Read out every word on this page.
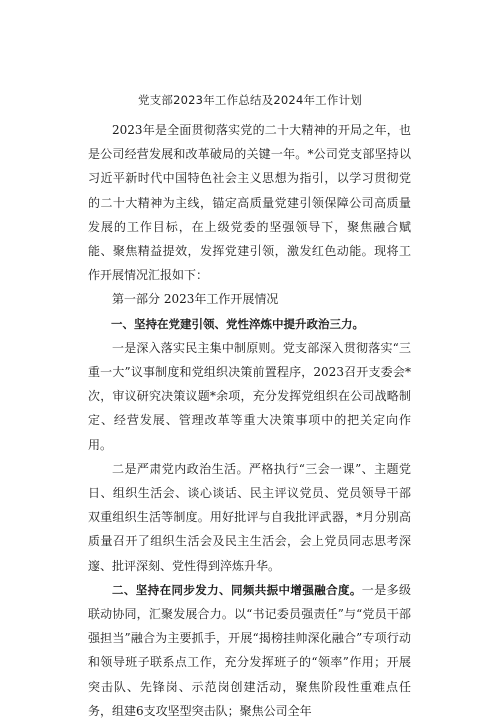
党支部2023年工作总结及2024年工作计划

2023年是全面贯彻落实党的二十大精神的开局之年，也是公司经营发展和改革破局的关键一年。*公司党支部坚持以习近平新时代中国特色社会主义思想为指引，以学习贯彻党的二十大精神为主线，锚定高质量党建引领保障公司高质量发展的工作目标，在上级党委的坚强领导下，聚焦融合赋能、聚焦精益提效，发挥党建引领，激发红色动能。现将工作开展情况汇报如下：

第一部分 2023年工作开展情况

一、坚持在党建引领、党性淬炼中提升政治三力。

一是深入落实民主集中制原则。党支部深入贯彻落实“三重一大”议事制度和党组织决策前置程序，2023召开支委会*次，审议研究决策议题*余项，充分发挥党组织在公司战略制定、经营发展、管理改革等重大决策事项中的把关定向作用。

二是严肃党内政治生活。严格执行“三会一课”、主题党日、组织生活会、谈心谈话、民主评议党员、党员领导干部双重组织生活等制度。用好批评与自我批评武器，*月分别高质量召开了组织生活会及民主生活会，会上党员同志思考深邃、批评深刻、党性得到淬炼升华。

二、坚持在同步发力、同频共振中增强融合度。一是多级联动协同，汇聚发展合力。以“书记委员强责任”与“党员干部强担当”融合为主要抓手，开展“揭榜挂帅深化融合”专项行动和领导班子联系点工作，充分发挥班子的“领率”作用；开展突击队、先锋岗、示范岗创建活动，聚焦阶段性重难点任务，组建6支攻坚型突击队；聚焦公司全年
